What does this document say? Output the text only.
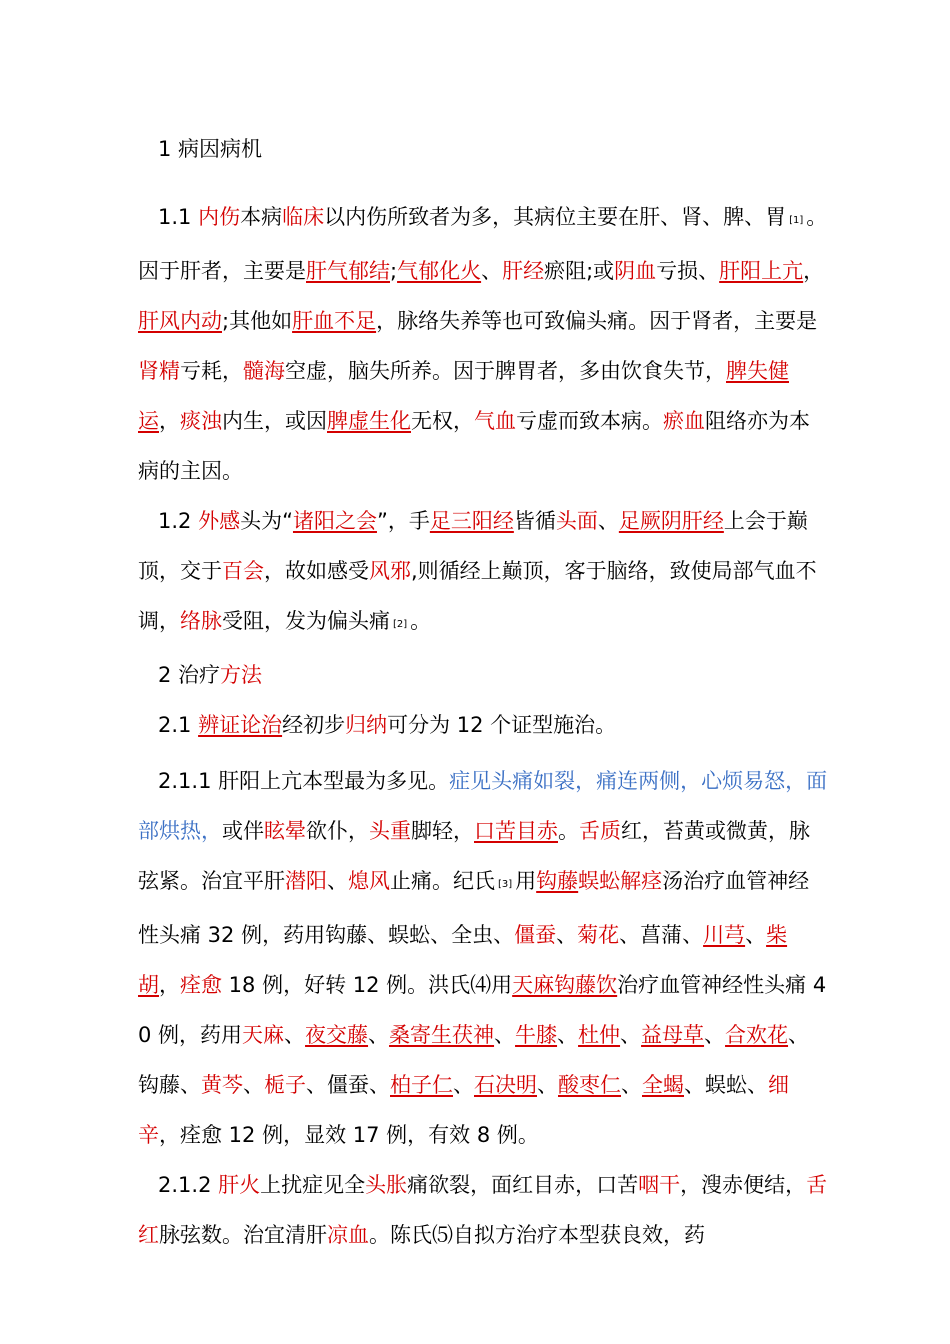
1 病因病机

1.1 内伤本病临床以内伤所致者为多，其病位主要在肝、肾、脾、胃 [1] 。因于肝者，主要是肝气郁结;气郁化火、肝经瘀阻;或阴血亏损、肝阳上亢，肝风内动;其他如肝血不足，脉络失养等也可致偏头痛。因于肾者，主要是肾精亏耗，髓海空虚，脑失所养。因于脾胃者，多由饮食失节，脾失健运，痰浊内生，或因脾虚生化无权，气血亏虚而致本病。瘀血阻络亦为本病的主因。

1.2 外感头为“诸阳之会”，手足三阳经皆循头面、足厥阴肝经上会于巅顶，交于百会，故如感受风邪,则循经上巅顶，客于脑络，致使局部气血不调，络脉受阻，发为偏头痛 [2] 。

2 治疗方法

2.1 辨证论治经初步归纳可分为 12 个证型施治。

2.1.1 肝阳上亢本型最为多见。症见头痛如裂，痛连两侧，心烦易怒，面部烘热，或伴眩晕欲仆，头重脚轻，口苦目赤。舌质红，苔黄或微黄，脉弦紧。治宜平肝潜阳、熄风止痛。纪氏 [3] 用钩藤蜈蚣解痉汤治疗血管神经性头痛 32 例，药用钩藤、蜈蚣、全虫、僵蚕、菊花、菖蒲、川芎、柴胡，痊愈 18 例，好转 12 例。洪氏⑷用天麻钩藤饮治疗血管神经性头痛 40 例，药用天麻、夜交藤、桑寄生茯神、牛膝、杜仲、益母草、合欢花、钩藤、黄芩、栀子、僵蚕、柏子仁、石决明、酸枣仁、全蝎、蜈蚣、细辛，痊愈 12 例，显效 17 例，有效 8 例。

2.1.2 肝火上扰症见全头胀痛欲裂，面红目赤，口苦咽干，溲赤便结，舌红脉弦数。治宜清肝凉血。陈氏⑸自拟方治疗本型获良效，药
